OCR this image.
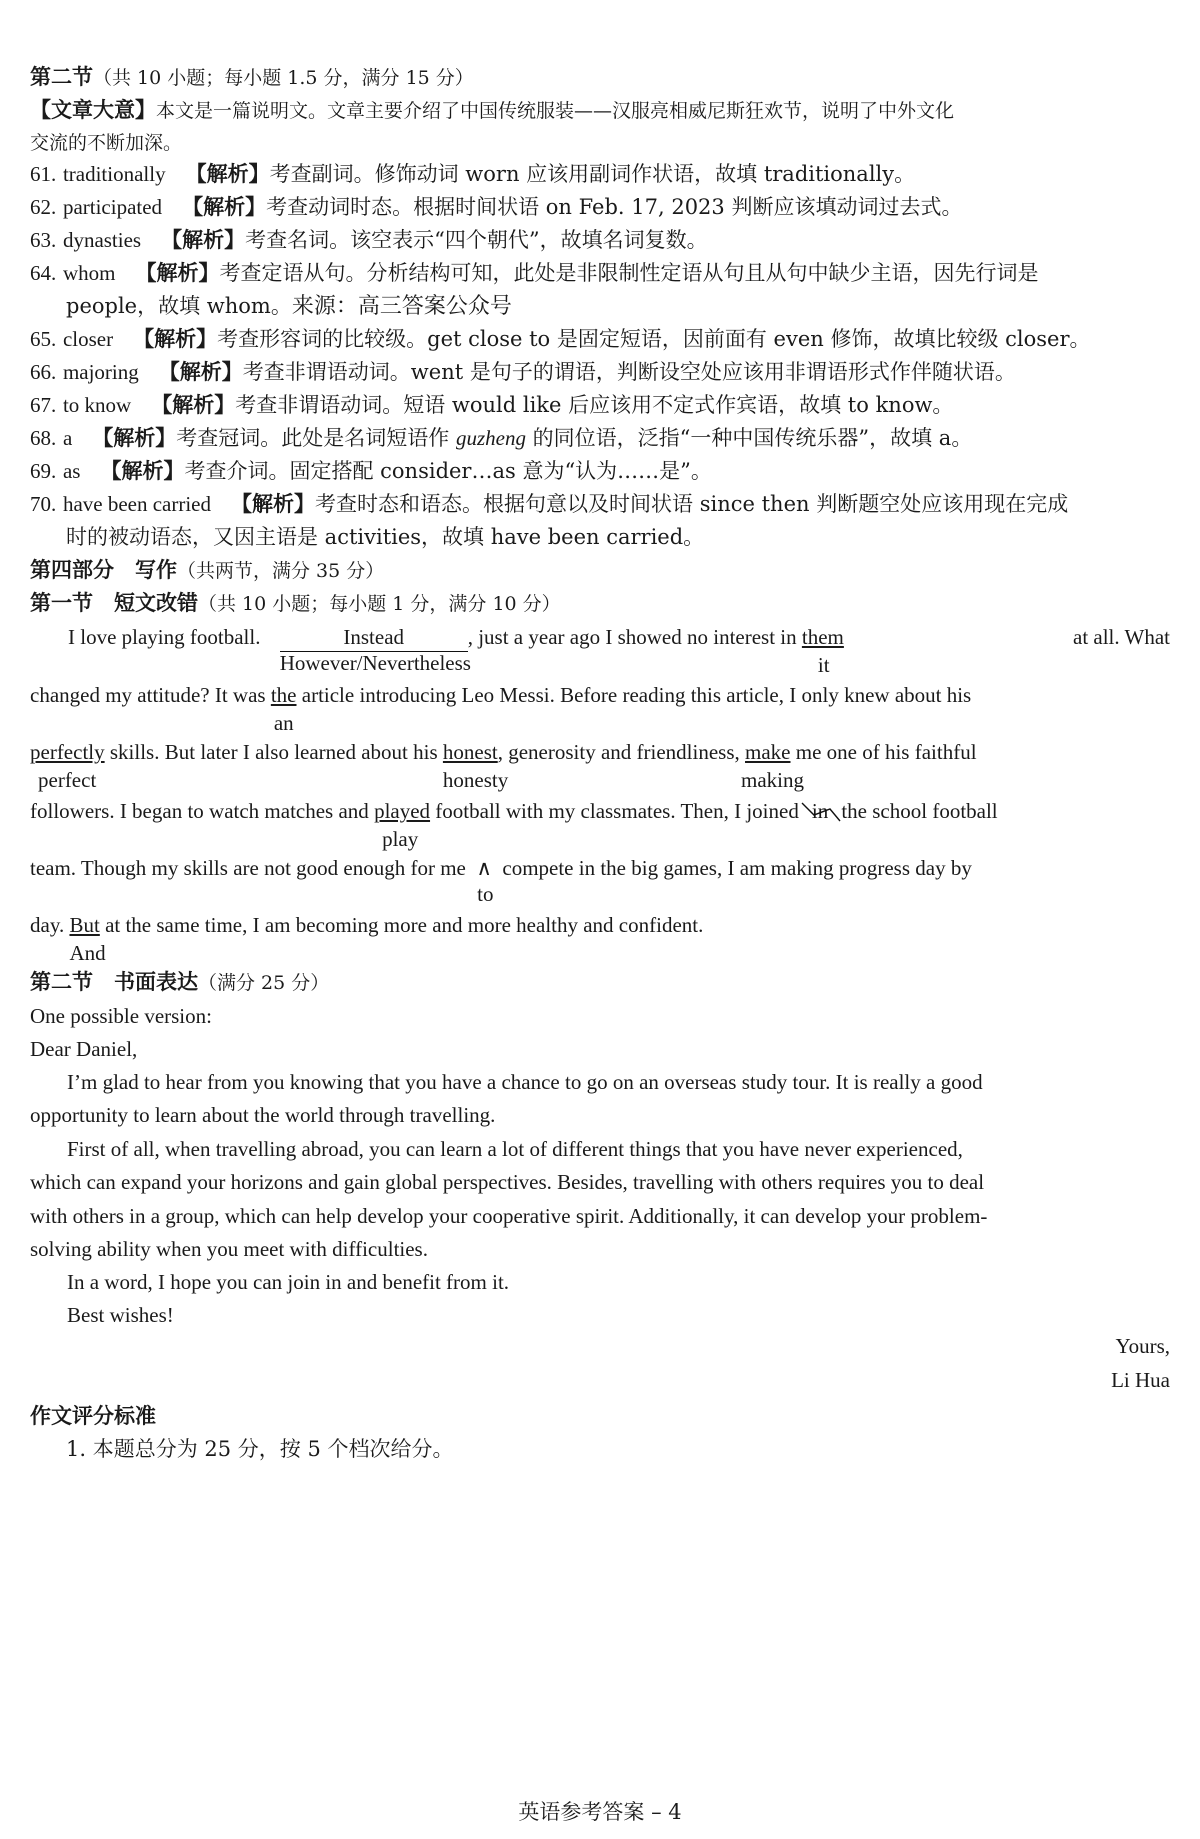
第二节（共 10 小题；每小题 1.5 分，满分 15 分）
【文章大意】本文是一篇说明文。文章主要介绍了中国传统服装——汉服亮相威尼斯狂欢节，说明了中外文化
交流的不断加深。
61. traditionally 【解析】考查副词。修饰动词 worn 应该用副词作状语，故填 traditionally。
62. participated 【解析】考查动词时态。根据时间状语 on Feb. 17, 2023 判断应该填动词过去式。
63. dynasties 【解析】考查名词。该空表示“四个朝代”，故填名词复数。
64. whom 【解析】考查定语从句。分析结构可知，此处是非限制性定语从句且从句中缺少主语，因先行词是
people，故填 whom。来源：高三答案公众号
65. closer 【解析】考查形容词的比较级。get close to 是固定短语，因前面有 even 修饰，故填比较级 closer。
66. majoring 【解析】考查非谓语动词。went 是句子的谓语，判断设空处应该用非谓语形式作伴随状语。
67. to know 【解析】考查非谓语动词。短语 would like 后应该用不定式作宾语，故填 to know。
68. a 【解析】考查冠词。此处是名词短语作 guzheng 的同位语，泛指“一种中国传统乐器”，故填 a。
69. as 【解析】考查介词。固定搭配 consider…as 意为“认为……是”。
70. have been carried 【解析】考查时态和语态。根据句意以及时间状语 since then 判断题空处应该用现在完成
时的被动语态，又因主语是 activities，故填 have been carried。
第四部分　写作（共两节，满分 35 分）
第一节　短文改错（共 10 小题；每小题 1 分，满分 10 分）
I love playing football.	Instead
However/Nevertheless
, just a year ago I showed no interest in them
it
at all. What
changed my attitude? It was the
an
article introducing Leo Messi. Before reading this article, I only knew about his
perfectly
perfect
skills. But later I also learned about his honest
honesty
, generosity and friendliness, make
making
me one of his faithful
followers. I began to watch matches and played
play
football with my classmates. Then, I joined in the school football
team. Though my skills are not good enough for me ∧
to
compete in the big games, I am making progress day by
day. But
And
at the same time, I am becoming more and more healthy and confident.
第二节　书面表达（满分 25 分）
One possible version:
Dear Daniel,
I’m glad to hear from you knowing that you have a chance to go on an overseas study tour. It is really a good
opportunity to learn about the world through travelling.
First of all, when travelling abroad, you can learn a lot of different things that you have never experienced,
which can expand your horizons and gain global perspectives. Besides, travelling with others requires you to deal
with others in a group, which can help develop your cooperative spirit. Additionally, it can develop your problem-
solving ability when you meet with difficulties.
In a word, I hope you can join in and benefit from it.
Best wishes!
Yours,
Li Hua
作文评分标准
1. 本题总分为 25 分，按 5 个档次给分。
英语参考答案 – 4
